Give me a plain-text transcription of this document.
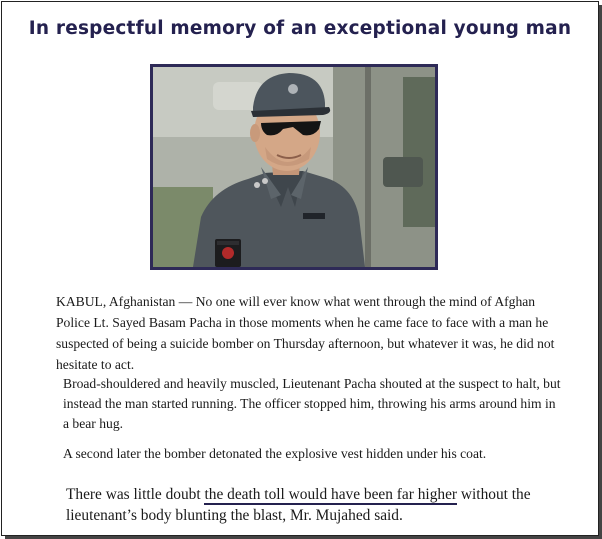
In respectful memory of an exceptional young man

KABUL, Afghanistan — No one will ever know what went through the mind of Afghan Police Lt. Sayed Basam Pacha in those moments when he came face to face with a man he suspected of being a suicide bomber on Thursday afternoon, but whatever it was, he did not hesitate to act.

Broad-shouldered and heavily muscled, Lieutenant Pacha shouted at the suspect to halt, but instead the man started running. The officer stopped him, throwing his arms around him in a bear hug.

A second later the bomber detonated the explosive vest hidden under his coat.

There was little doubt the death toll would have been far higher without the lieutenant’s body blunting the blast, Mr. Mujahed said.
